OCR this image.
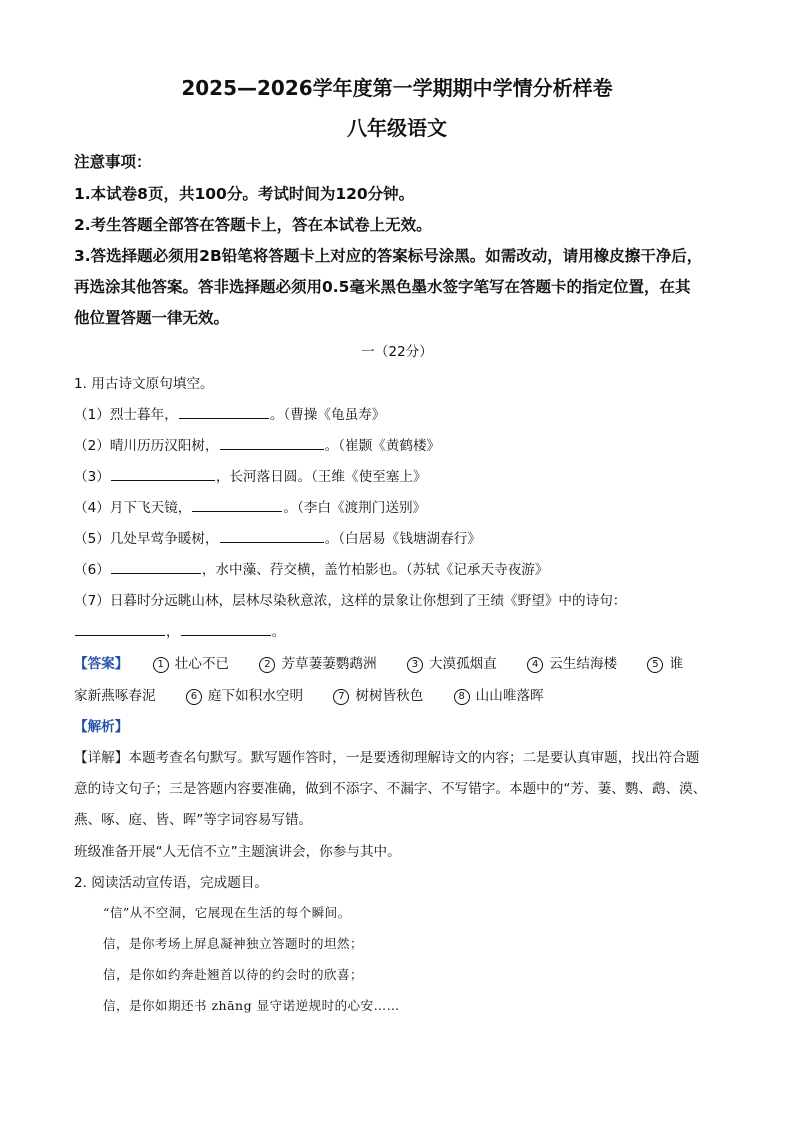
2025—2026学年度第一学期期中学情分析样卷
八年级语文
注意事项：
1.本试卷8页，共100分。考试时间为120分钟。
2.考生答题全部答在答题卡上，答在本试卷上无效。
3.答选择题必须用2B铅笔将答题卡上对应的答案标号涂黑。如需改动，请用橡皮擦干净后，
再选涂其他答案。答非选择题必须用0.5毫米黑色墨水签字笔写在答题卡的指定位置，在其
他位置答题一律无效。
一（22分）
1. 用古诗文原句填空。
（1）烈士暮年，	。（曹操《龟虽寿》
（2）晴川历历汉阳树，	。（崔颢《黄鹤楼》
（3）	，长河落日圆。（王维《使至塞上》
（4）月下飞天镜，	。（李白《渡荆门送别》
（5）几处早莺争暖树，	。（白居易《钱塘湖春行》
（6）	，水中藻、荇交横，盖竹柏影也。（苏轼《记承天寺夜游》
（7）日暮时分远眺山林，层林尽染秋意浓，这样的景象让你想到了王绩《野望》中的诗句：
，	。
【答案】	1 壮心不已	2 芳草萋萋鹦鹉洲	3 大漠孤烟直	4 云生结海楼	5 谁
家新燕啄春泥	6 庭下如积水空明	7 树树皆秋色	8 山山唯落晖
【解析】
【详解】本题考查名句默写。默写题作答时，一是要透彻理解诗文的内容；二是要认真审题，找出符合题
意的诗文句子；三是答题内容要准确，做到不添字、不漏字、不写错字。本题中的“芳、萋、鹦、鹉、漠、
燕、啄、庭、皆、晖”等字词容易写错。
班级准备开展“人无信不立”主题演讲会，你参与其中。
2. 阅读活动宣传语，完成题目。
“信”从不空洞，它展现在生活的每个瞬间。
信，是你考场上屏息凝神独立答题时的坦然；
信，是你如约奔赴翘首以待的约会时的欣喜；
信，是你如期还书 zhāng 显守诺逆规时的心安……
